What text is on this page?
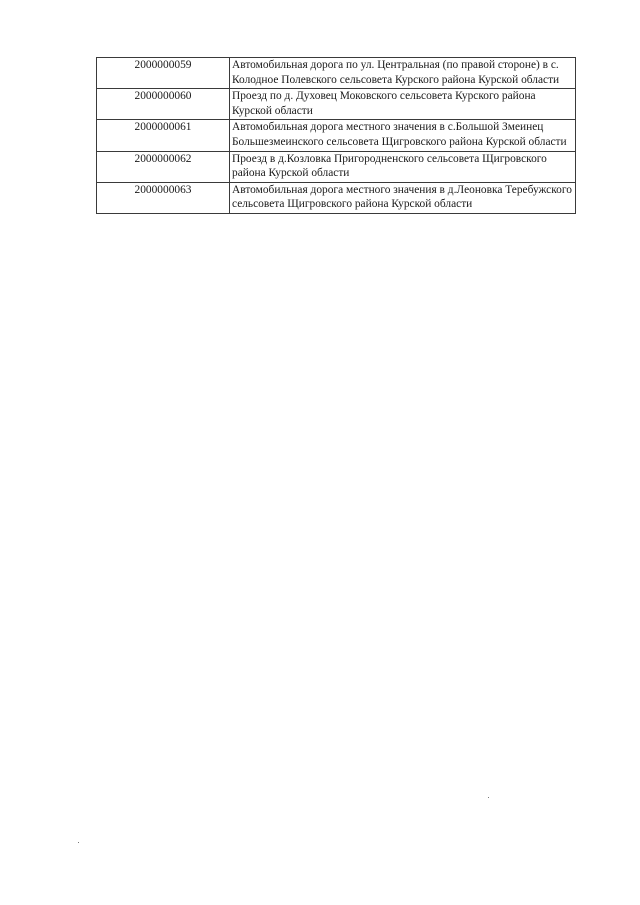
2000000059	Автомобильная дорога по ул. Центральная (по правой стороне) в с. Колодное Полевского сельсовета Курского района Курской области
2000000060	Проезд по д. Духовец Моковского сельсовета Курского района Курской области
2000000061	Автомобильная дорога местного значения в с.Большой Змеинец Большезмеинского сельсовета Щигровского района Курской области
2000000062	Проезд в д.Козловка Пригородненского сельсовета Щигровского района Курской области
2000000063	Автомобильная дорога местного значения в д.Леоновка Теребужского сельсовета Щигровского района Курской области
